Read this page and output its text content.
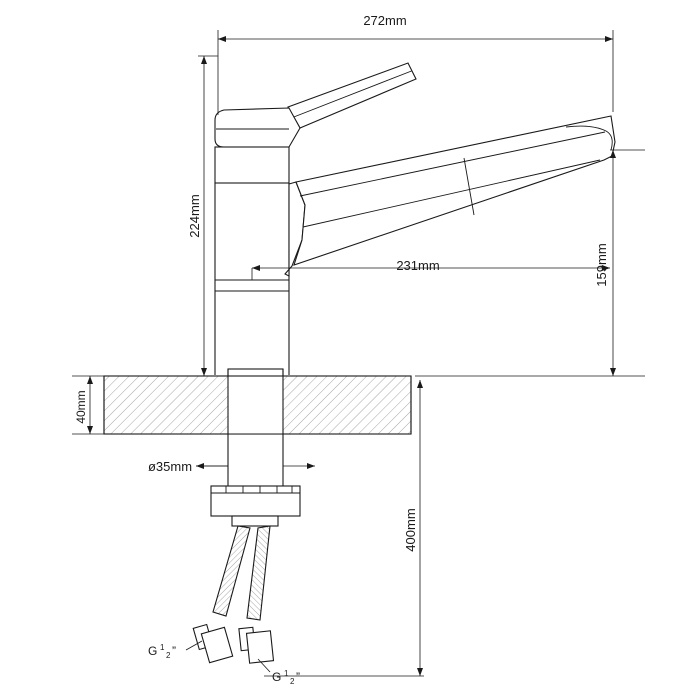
272mm
224mm
231mm	159mm
40mm
ø35mm
400mm
G 1
2 ”
G 1
2 ”
